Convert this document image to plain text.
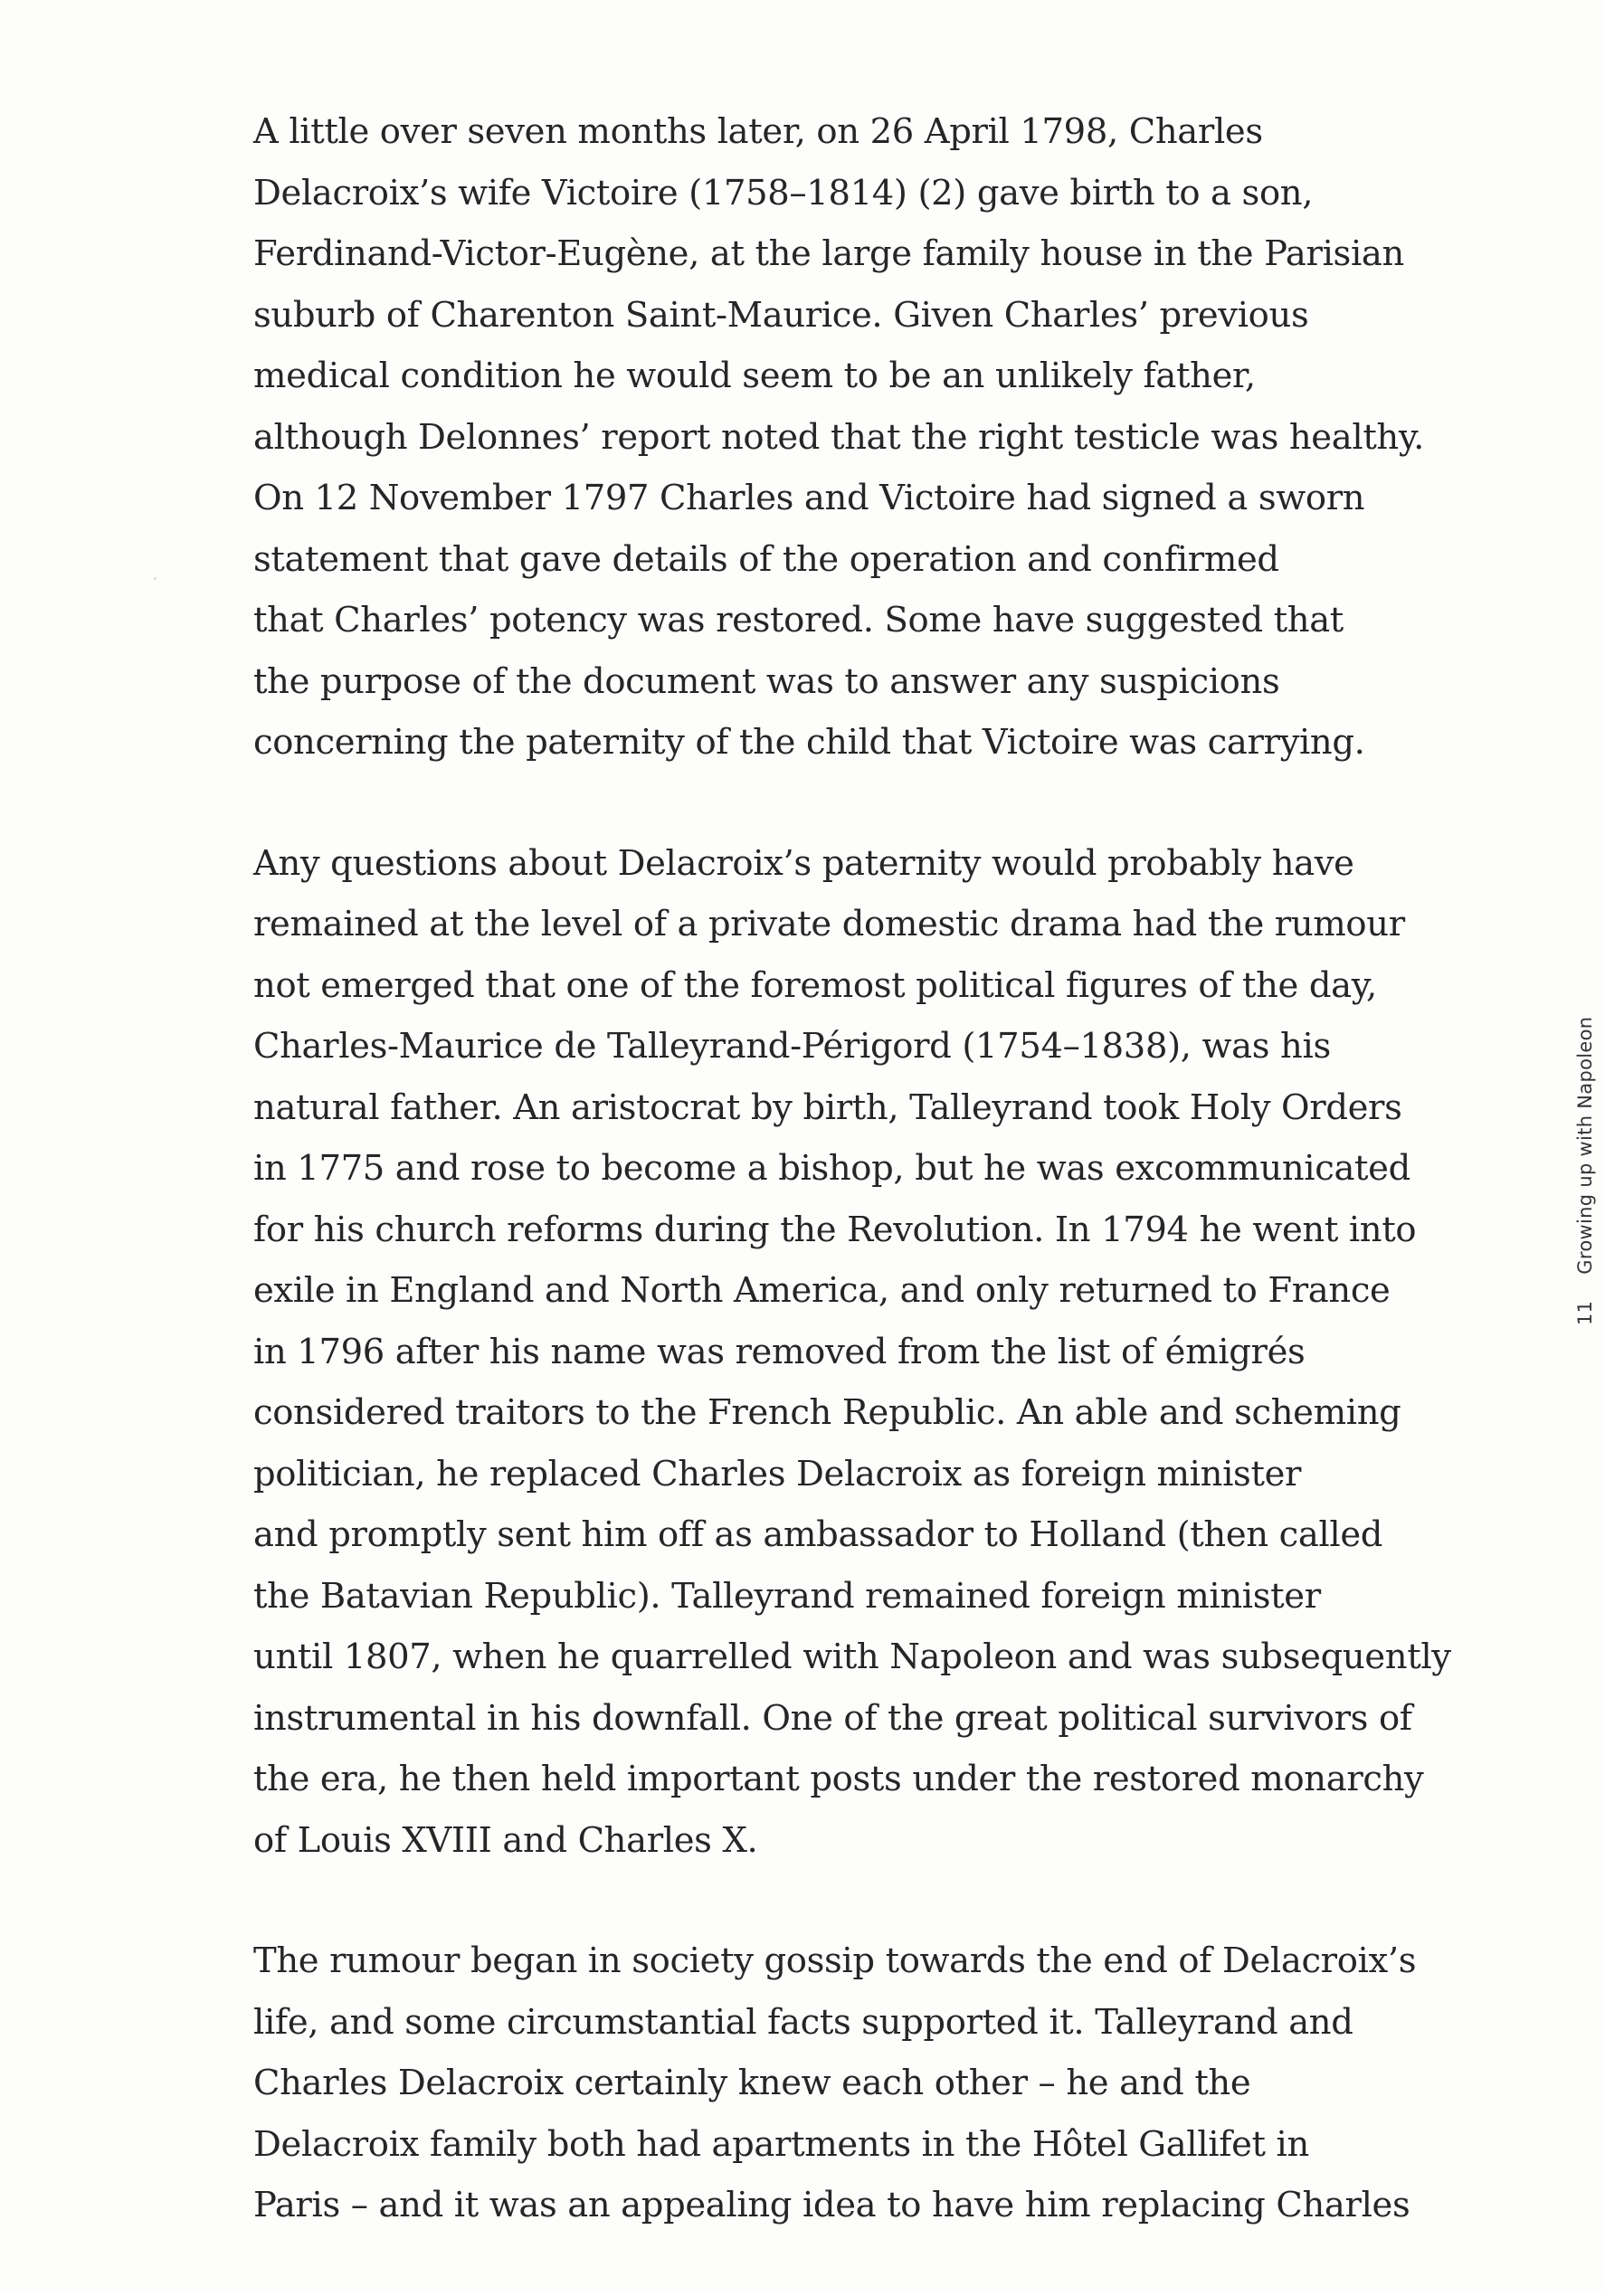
A little over seven months later, on 26 April 1798, Charles
Delacroix’s wife Victoire (1758–1814) (2) gave birth to a son,
Ferdinand-Victor-Eugène, at the large family house in the Parisian
suburb of Charenton Saint-Maurice. Given Charles’ previous
medical condition he would seem to be an unlikely father,
although Delonnes’ report noted that the right testicle was healthy.
On 12 November 1797 Charles and Victoire had signed a sworn
statement that gave details of the operation and confirmed
that Charles’ potency was restored. Some have suggested that
the purpose of the document was to answer any suspicions
concerning the paternity of the child that Victoire was carrying.

Any questions about Delacroix’s paternity would probably have
remained at the level of a private domestic drama had the rumour
not emerged that one of the foremost political figures of the day,
Charles-Maurice de Talleyrand-Périgord (1754–1838), was his
natural father. An aristocrat by birth, Talleyrand took Holy Orders
in 1775 and rose to become a bishop, but he was excommunicated
for his church reforms during the Revolution. In 1794 he went into
exile in England and North America, and only returned to France
in 1796 after his name was removed from the list of émigrés
considered traitors to the French Republic. An able and scheming
politician, he replaced Charles Delacroix as foreign minister
and promptly sent him off as ambassador to Holland (then called
the Batavian Republic). Talleyrand remained foreign minister
until 1807, when he quarrelled with Napoleon and was subsequently
instrumental in his downfall. One of the great political survivors of
the era, he then held important posts under the restored monarchy
of Louis XVIII and Charles X.

The rumour began in society gossip towards the end of Delacroix’s
life, and some circumstantial facts supported it. Talleyrand and
Charles Delacroix certainly knew each other – he and the
Delacroix family both had apartments in the Hôtel Gallifet in
Paris – and it was an appealing idea to have him replacing Charles

11 Growing up with Napoleon
